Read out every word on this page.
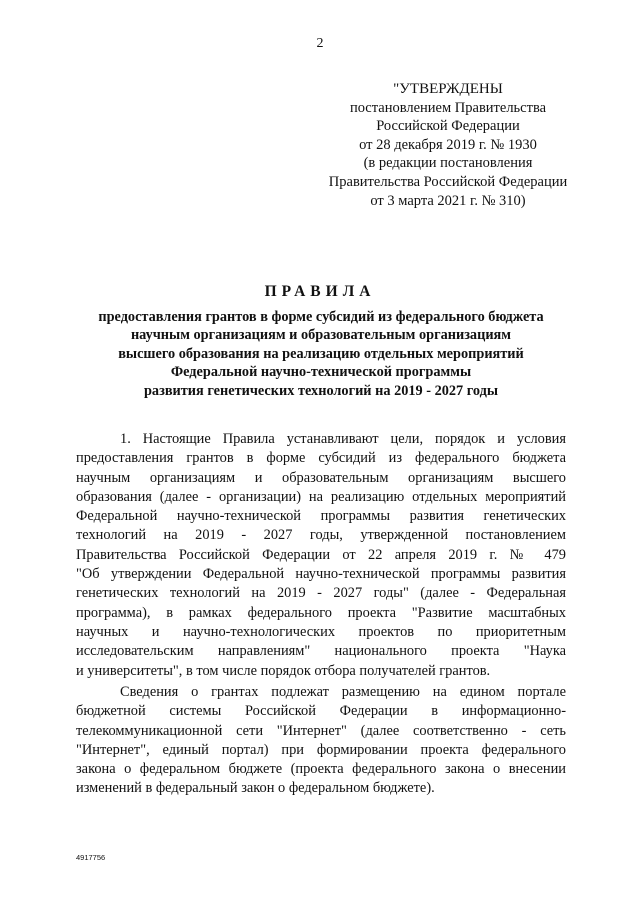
2
"УТВЕРЖДЕНЫ
постановлением Правительства
Российской Федерации
от 28 декабря 2019 г. № 1930
(в редакции постановления
Правительства Российской Федерации
от 3 марта 2021 г. № 310)
ПРАВИЛА
предоставления грантов в форме субсидий из федерального бюджета
научным организациям и образовательным организациям
высшего образования на реализацию отдельных мероприятий
Федеральной научно-технической программы
развития генетических технологий на 2019 - 2027 годы
1. Настоящие Правила устанавливают цели, порядок и условия
предоставления грантов в форме субсидий из федерального бюджета
научным организациям и образовательным организациям высшего
образования (далее - организации) на реализацию отдельных мероприятий
Федеральной научно-технической программы развития генетических
технологий на 2019 - 2027 годы, утвержденной постановлением
Правительства Российской Федерации от 22 апреля 2019 г. № 479
"Об утверждении Федеральной научно-технической программы развития
генетических технологий на 2019 - 2027 годы" (далее - Федеральная
программа), в рамках федерального проекта "Развитие масштабных
научных и научно-технологических проектов по приоритетным
исследовательским направлениям" национального проекта "Наука
и университеты", в том числе порядок отбора получателей грантов.
Сведения о грантах подлежат размещению на едином портале
бюджетной системы Российской Федерации в информационно-
телекоммуникационной сети "Интернет" (далее соответственно - сеть
"Интернет", единый портал) при формировании проекта федерального
закона о федеральном бюджете (проекта федерального закона о внесении
изменений в федеральный закон о федеральном бюджете).
4917756
